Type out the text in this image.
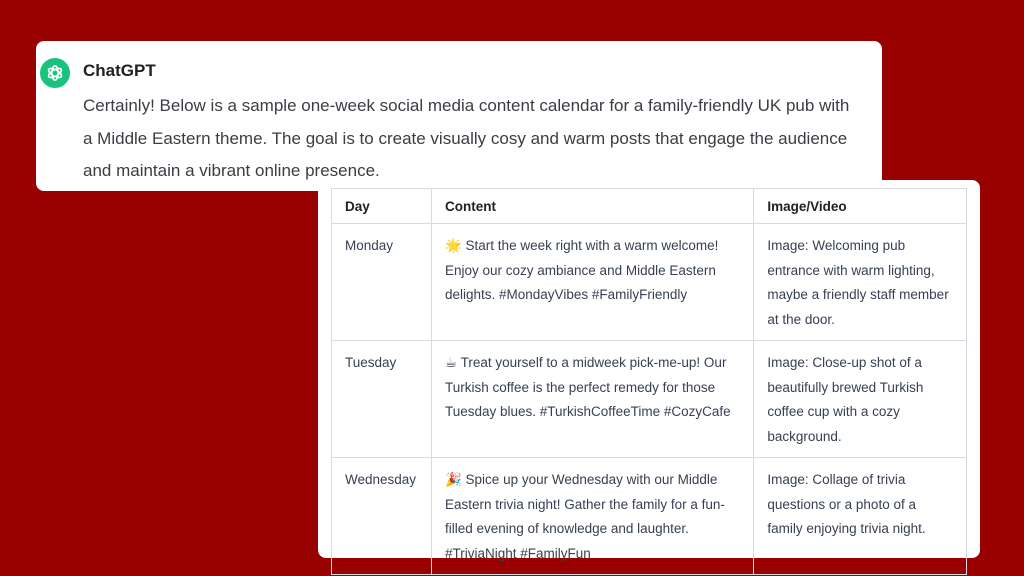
ChatGPT
Certainly! Below is a sample one-week social media content calendar for a family-friendly UK pub with a Middle Eastern theme. The goal is to create visually cosy and warm posts that engage the audience and maintain a vibrant online presence.
Day	Content	Image/Video
Monday	🌟 Start the week right with a warm welcome! Enjoy our cozy ambiance and Middle Eastern delights. #MondayVibes #FamilyFriendly	Image: Welcoming pub entrance with warm lighting, maybe a friendly staff member at the door.
Tuesday	☕ Treat yourself to a midweek pick-me-up! Our Turkish coffee is the perfect remedy for those Tuesday blues. #TurkishCoffeeTime #CozyCafe	Image: Close-up shot of a beautifully brewed Turkish coffee cup with a cozy background.
Wednesday	🎉 Spice up your Wednesday with our Middle Eastern trivia night! Gather the family for a fun-filled evening of knowledge and laughter. #TriviaNight #FamilyFun	Image: Collage of trivia questions or a photo of a family enjoying trivia night.
